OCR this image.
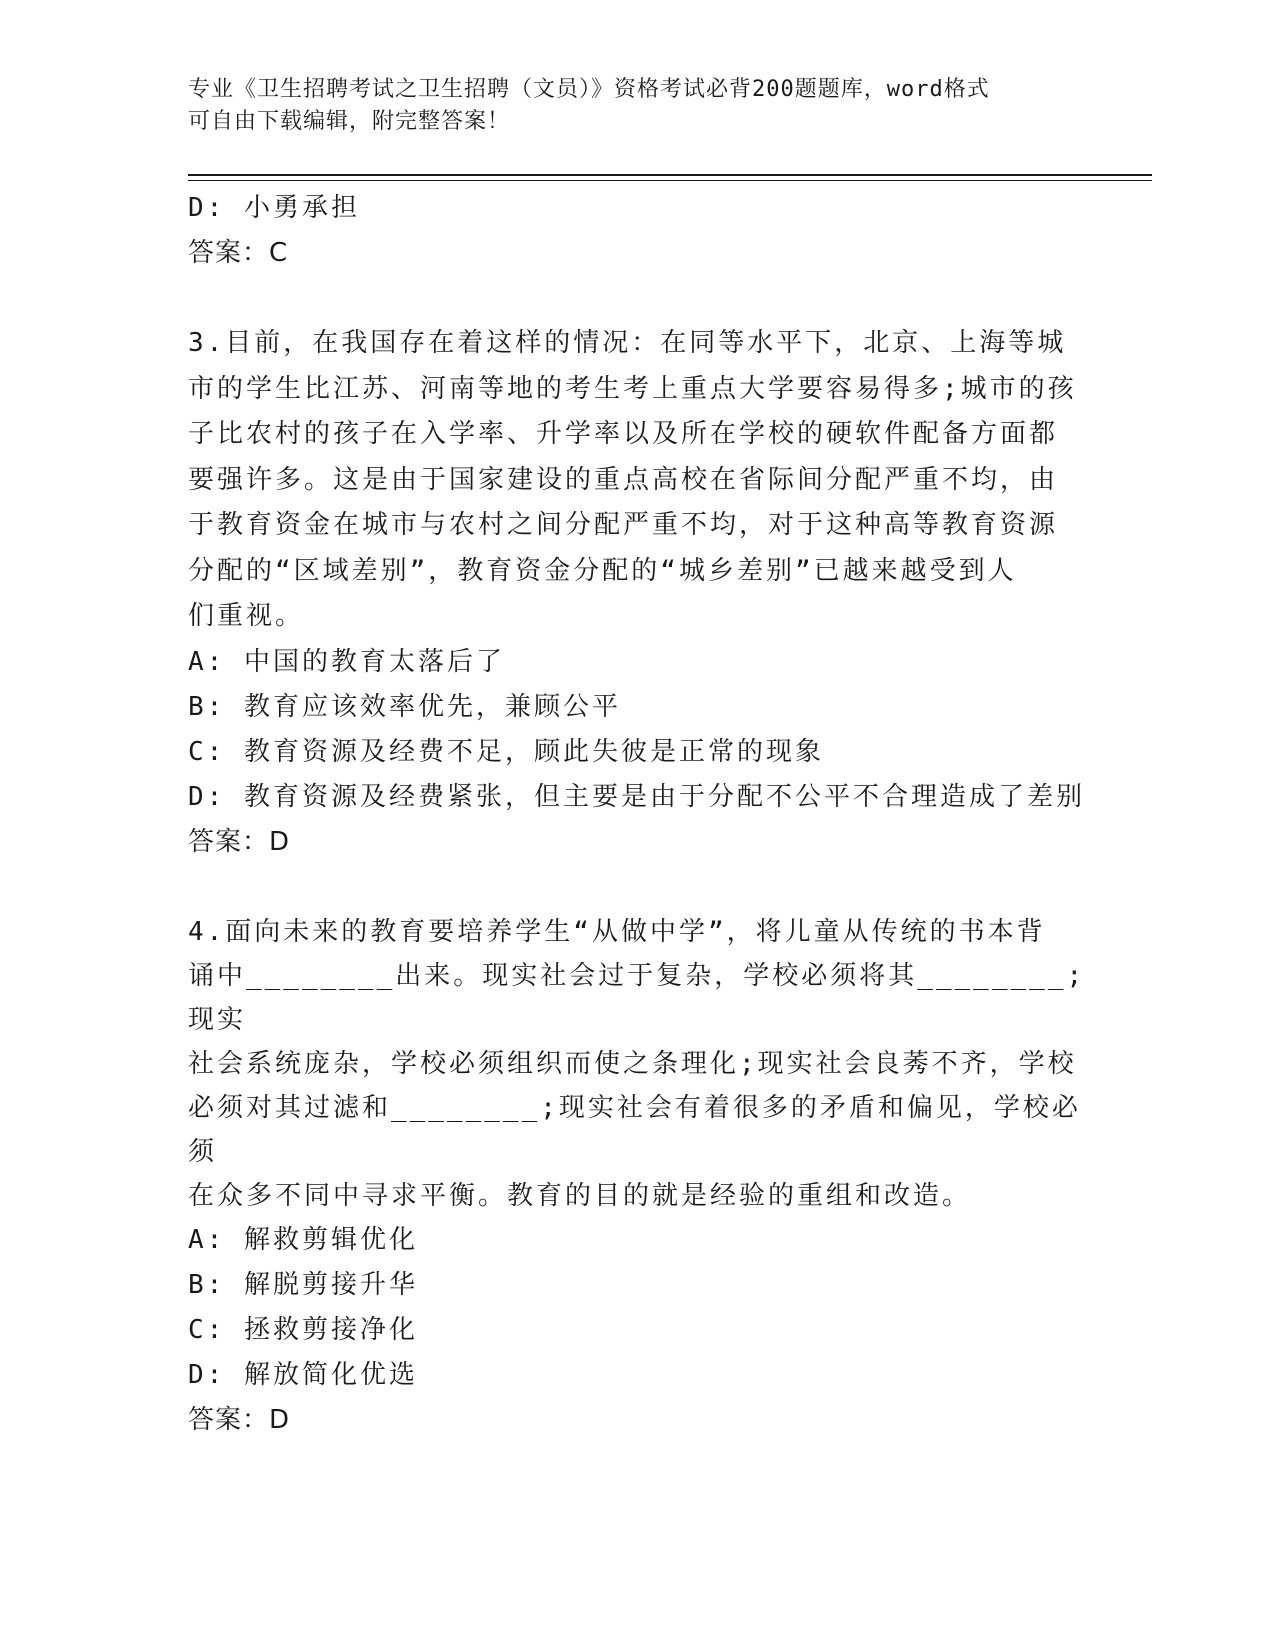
专业《卫生招聘考试之卫生招聘（文员）》资格考试必背200题题库，word格式
可自由下载编辑，附完整答案！
D: 小勇承担
答案：C
3.目前，在我国存在着这样的情况：在同等水平下，北京、上海等城
市的学生比江苏、河南等地的考生考上重点大学要容易得多;城市的孩
子比农村的孩子在入学率、升学率以及所在学校的硬软件配备方面都
要强许多。这是由于国家建设的重点高校在省际间分配严重不均，由
于教育资金在城市与农村之间分配严重不均，对于这种高等教育资源
分配的“区域差别”，教育资金分配的“城乡差别”已越来越受到人
们重视。
A: 中国的教育太落后了
B: 教育应该效率优先，兼顾公平
C: 教育资源及经费不足，顾此失彼是正常的现象
D: 教育资源及经费紧张，但主要是由于分配不公平不合理造成了差别
答案：D
4.面向未来的教育要培养学生“从做中学”，将儿童从传统的书本背
诵中________出来。现实社会过于复杂，学校必须将其________;现实
社会系统庞杂，学校必须组织而使之条理化;现实社会良莠不齐，学校
必须对其过滤和________;现实社会有着很多的矛盾和偏见，学校必须
在众多不同中寻求平衡。教育的目的就是经验的重组和改造。
A: 解救剪辑优化
B: 解脱剪接升华
C: 拯救剪接净化
D: 解放简化优选
答案：D
